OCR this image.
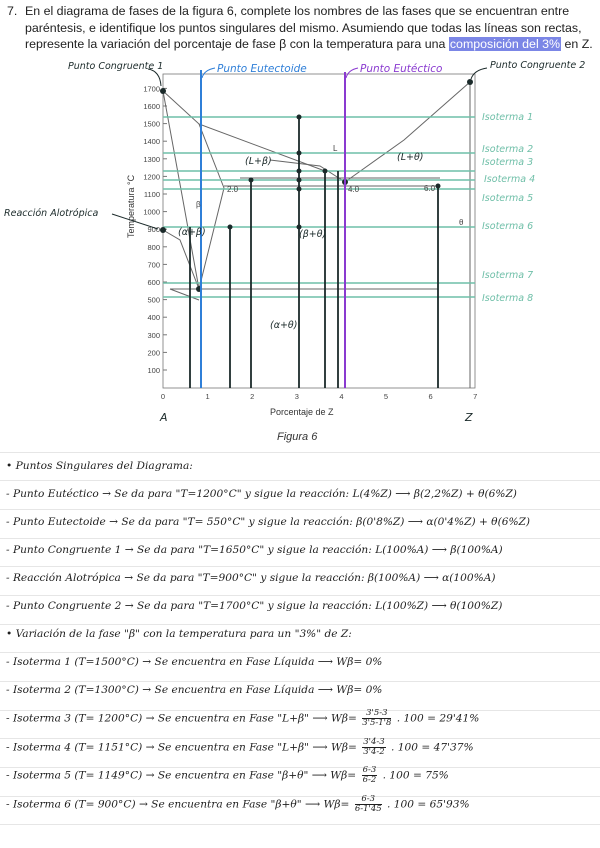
7. En el diagrama de fases de la figura 6, complete los nombres de las fases que se encuentran entre paréntesis, e identifique los puntos singulares del mismo. Asumiendo que todas las líneas son rectas, represente la variación del porcentaje de fase β con la temperatura para una composición del 3% en Z.
100
200
300
400
500
600
700
800
900
1000
1100
1200
1300
1400
1500
1600
1700
0	1	2	3	4	5	6	7
L
2.0	4.0	6.0
θ
β
Temperatura °C
Porcentaje de Z
Figura 6
Punto Congruente 1	Punto Congruente 2
Reacción Alotrópica
A	Z
(L+β)	(L+θ)
(α+β)	(β+θ)
(α+θ)
Punto Eutectoide	Punto Eutéctico
Isoterma 1
Isoterma 2
Isoterma 3
Isoterma 4
Isoterma 5
Isoterma 6
Isoterma 7
Isoterma 8
• Puntos Singulares del Diagrama:
- Punto Eutéctico → Se da para "T=1200°C" y sigue la reacción: L(4%Z) ⟶ β(2,2%Z) + θ(6%Z)
- Punto Eutectoide → Se da para "T= 550°C" y sigue la reacción: β(0'8%Z) ⟶ α(0'4%Z) + θ(6%Z)
- Punto Congruente 1 → Se da para "T=1650°C" y sigue la reacción: L(100%A) ⟶ β(100%A)
- Reacción Alotrópica → Se da para "T=900°C" y sigue la reacción: β(100%A) ⟶ α(100%A)
- Punto Congruente 2 → Se da para "T=1700°C" y sigue la reacción: L(100%Z) ⟶ θ(100%Z)
• Variación de la fase "β" con la temperatura para un "3%" de Z:
- Isoterma 1 (T=1500°C) → Se encuentra en Fase Líquida ⟶ Wβ= 0%
- Isoterma 2 (T=1300°C) → Se encuentra en Fase Líquida ⟶ Wβ= 0%
- Isoterma 3 (T= 1200°C) → Se encuentra en Fase "L+β" ⟶ $W\beta= \frac{3'5-3}{3'5-1'8}$ . 100 = 29'41%
- Isoterma 4 (T= 1151°C) → Se encuentra en Fase "L+β" ⟶ $W\beta= \frac{3'4-3}{3'4-2}$ . 100 = 47'37%
- Isoterma 5 (T= 1149°C) → Se encuentra en Fase "β+θ" ⟶ $W\beta= \frac{6-3}{6-2}$ . 100 = 75%
- Isoterma 6 (T= 900°C) → Se encuentra en Fase "β+θ" ⟶ $W\beta= \frac{6-3}{6-1'45}$ . 100 = 65'93%
